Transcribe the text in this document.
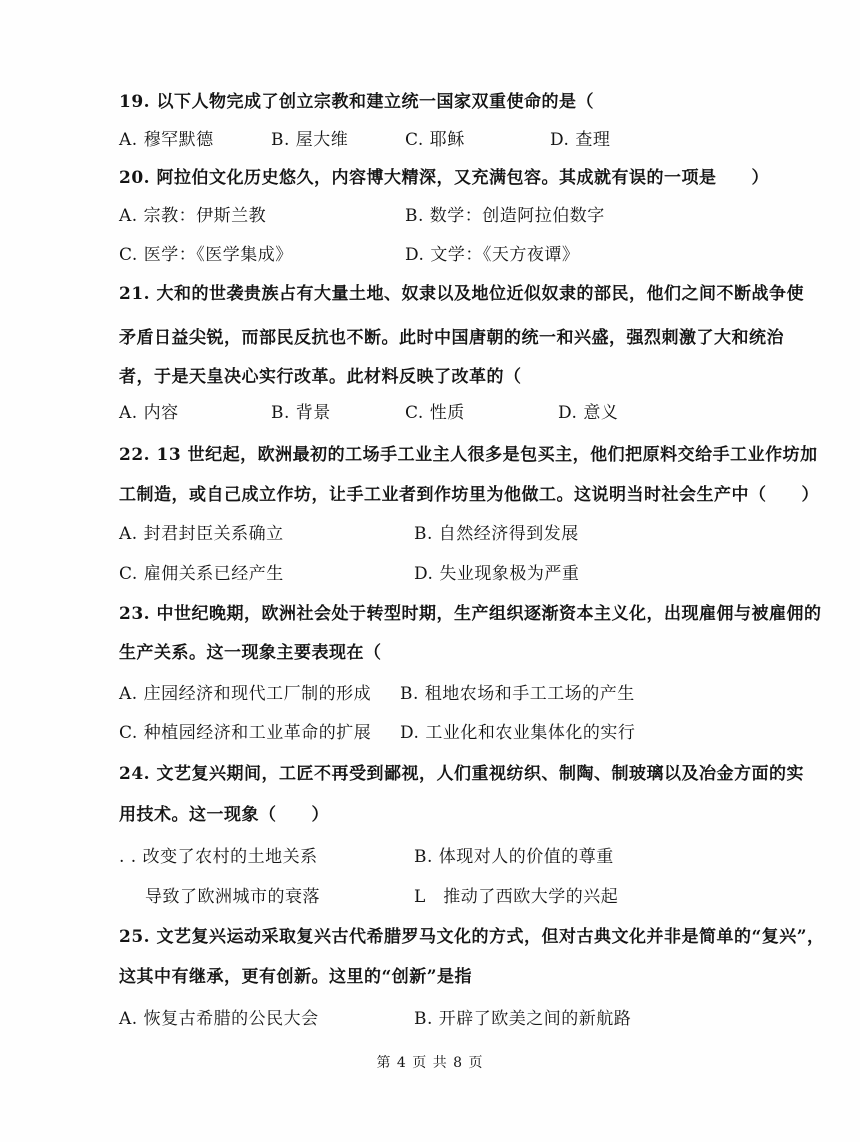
19. 以下人物完成了创立宗教和建立统一国家双重使命的是（
A. 穆罕默德	B. 屋大维	C. 耶稣	D. 查理
20. 阿拉伯文化历史悠久，内容博大精深，又充满包容。其成就有误的一项是　　）
A. 宗教：伊斯兰教	B. 数学：创造阿拉伯数字
C. 医学：《医学集成》	D. 文学：《天方夜谭》
21. 大和的世袭贵族占有大量土地、奴隶以及地位近似奴隶的部民，他们之间不断战争使
矛盾日益尖锐，而部民反抗也不断。此时中国唐朝的统一和兴盛，强烈刺激了大和统治
者，于是天皇决心实行改革。此材料反映了改革的（
A. 内容	B. 背景	C. 性质	D. 意义
22. 13 世纪起，欧洲最初的工场手工业主人很多是包买主，他们把原料交给手工业作坊加
工制造，或自己成立作坊，让手工业者到作坊里为他做工。这说明当时社会生产中（　　）
A. 封君封臣关系确立	B. 自然经济得到发展
C. 雇佣关系已经产生	D. 失业现象极为严重
23. 中世纪晚期，欧洲社会处于转型时期，生产组织逐渐资本主义化，出现雇佣与被雇佣的
生产关系。这一现象主要表现在（
A. 庄园经济和现代工厂制的形成 B. 租地农场和手工工场的产生
C. 种植园经济和工业革命的扩展 D. 工业化和农业集体化的实行
24. 文艺复兴期间，工匠不再受到鄙视，人们重视纺织、制陶、制玻璃以及冶金方面的实
用技术。这一现象（　　）
. . 改变了农村的土地关系	B. 体现对人的价值的尊重
导致了欧洲城市的衰落	L　推动了西欧大学的兴起
25. 文艺复兴运动采取复兴古代希腊罗马文化的方式，但对古典文化并非是简单的“复兴”，
这其中有继承，更有创新。这里的“创新”是指
A. 恢复古希腊的公民大会	B. 开辟了欧美之间的新航路
第 4 页 共 8 页
